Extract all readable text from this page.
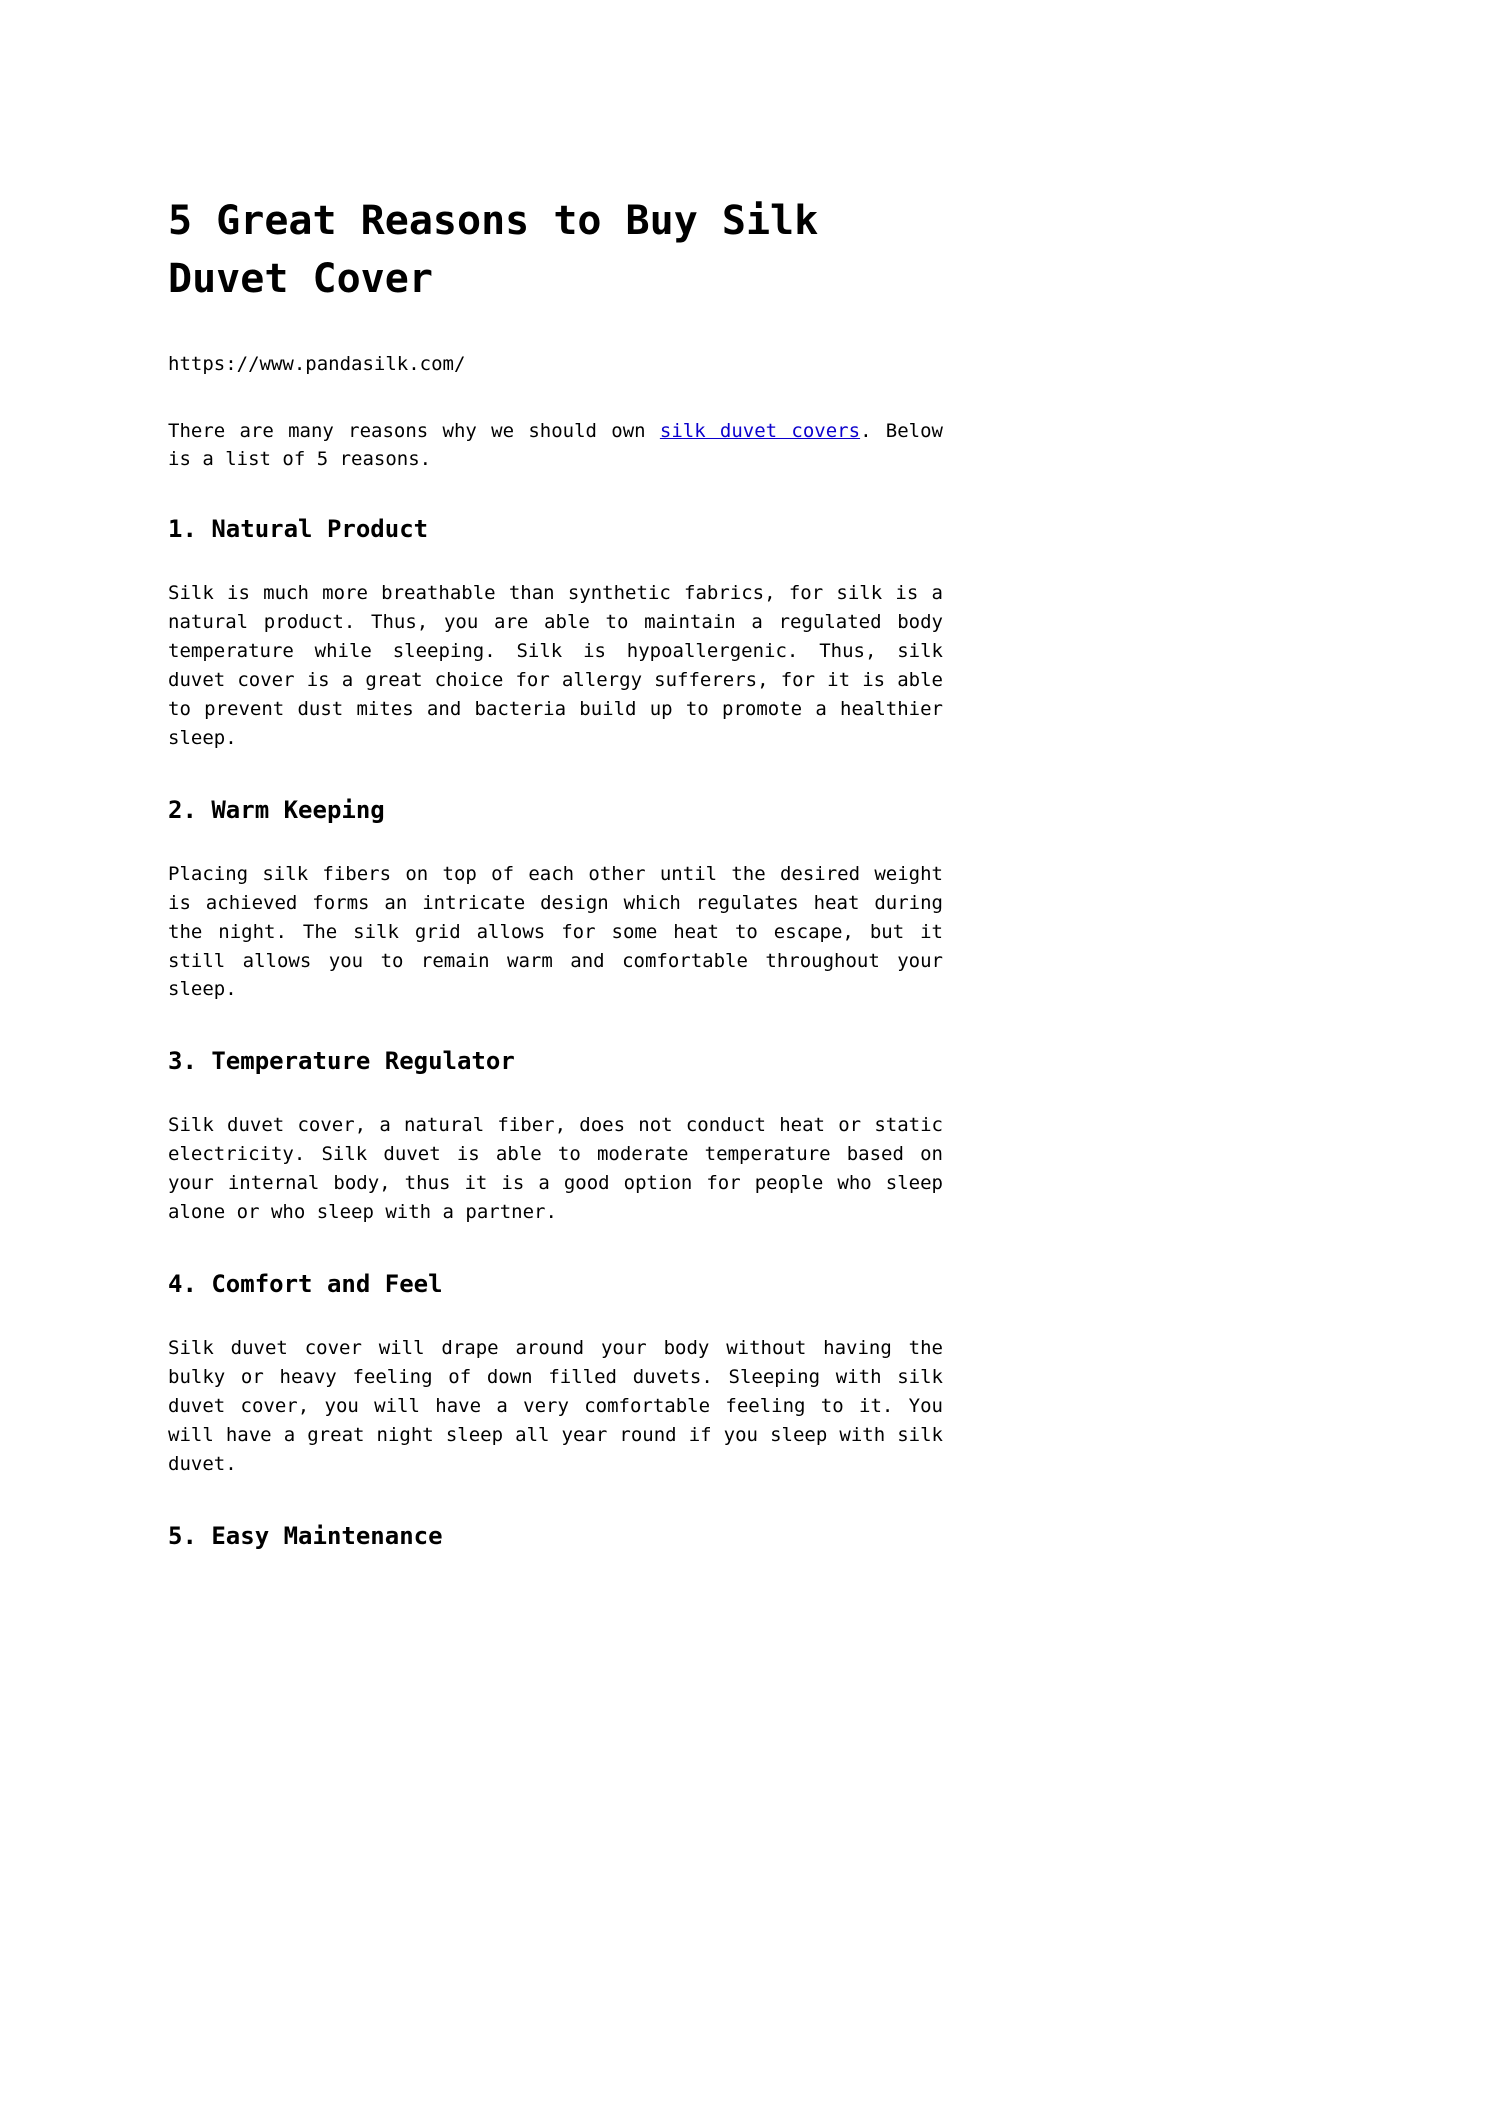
5 Great Reasons to Buy Silk Duvet Cover

https://www.pandasilk.com/

There are many reasons why we should own silk duvet covers. Below is a list of 5 reasons.

1. Natural Product

Silk is much more breathable than synthetic fabrics, for silk is a natural product. Thus, you are able to maintain a regulated body temperature while sleeping. Silk is hypoallergenic. Thus, silk duvet cover is a great choice for allergy sufferers, for it is able to prevent dust mites and bacteria build up to promote a healthier sleep.

2. Warm Keeping

Placing silk fibers on top of each other until the desired weight is achieved forms an intricate design which regulates heat during the night. The silk grid allows for some heat to escape, but it still allows you to remain warm and comfortable throughout your sleep.

3. Temperature Regulator

Silk duvet cover, a natural fiber, does not conduct heat or static electricity. Silk duvet is able to moderate temperature based on your internal body, thus it is a good option for people who sleep alone or who sleep with a partner.

4. Comfort and Feel

Silk duvet cover will drape around your body without having the bulky or heavy feeling of down filled duvets. Sleeping with silk duvet cover, you will have a very comfortable feeling to it. You will have a great night sleep all year round if you sleep with silk duvet.

5. Easy Maintenance
